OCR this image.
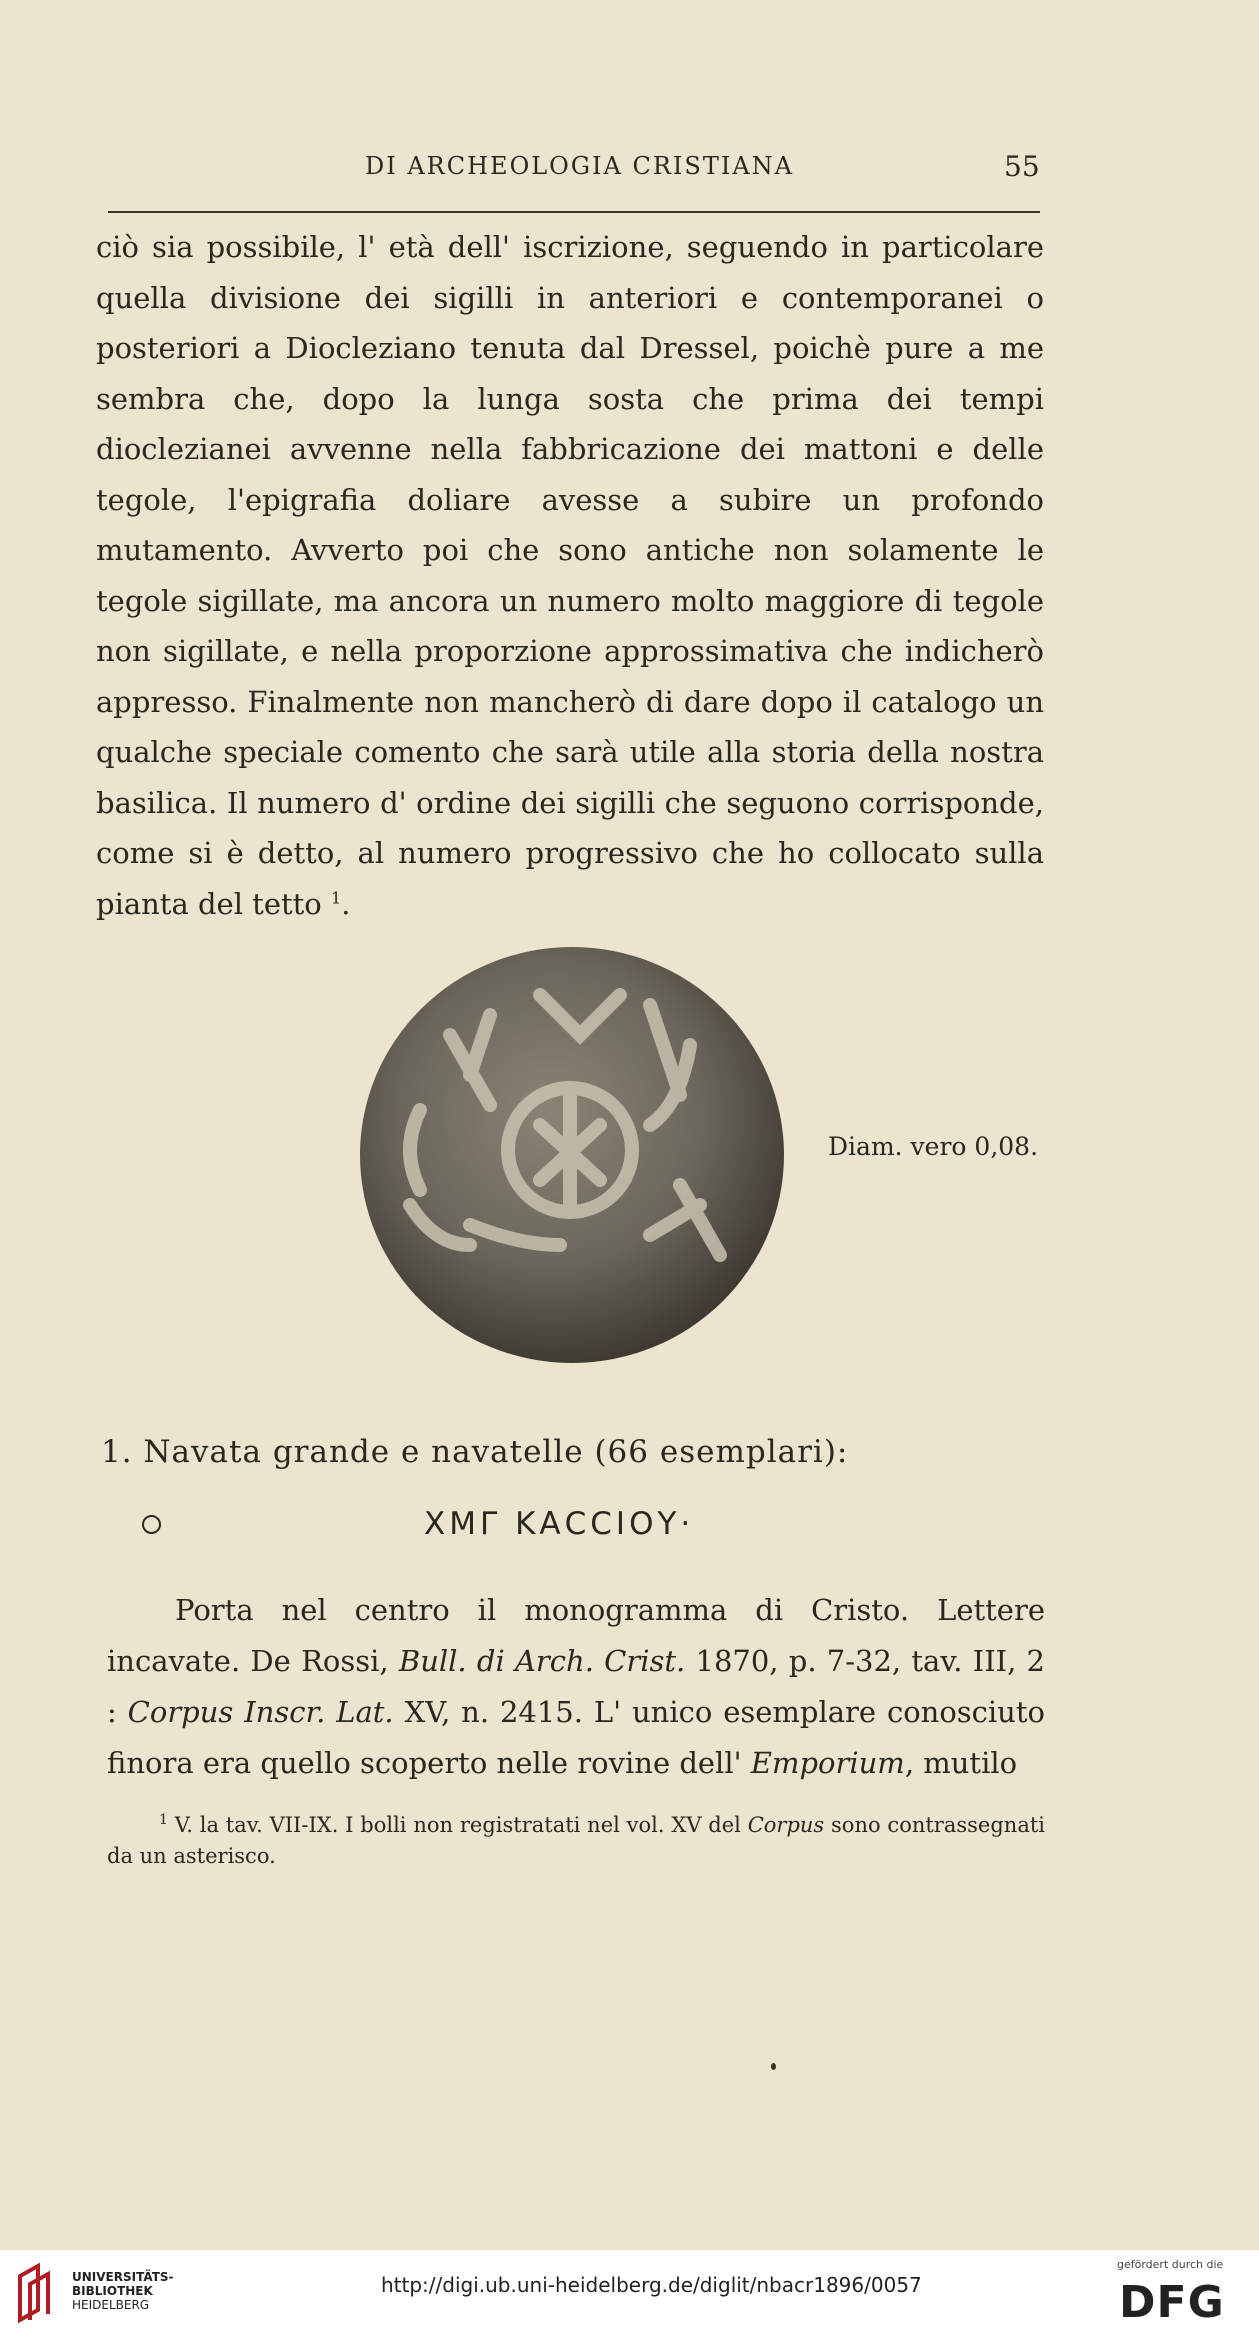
DI ARCHEOLOGIA CRISTIANA	55

ciò sia possibile, l' età dell' iscrizione, seguendo in particolare quella divisione dei sigilli in anteriori e contemporanei o posteriori a Diocleziano tenuta dal Dressel, poichè pure a me sembra che, dopo la lunga sosta che prima dei tempi dioclezianei avvenne nella fabbricazione dei mattoni e delle tegole, l'epigrafia doliare avesse a subire un profondo mutamento. Avverto poi che sono antiche non solamente le tegole sigillate, ma ancora un numero molto maggiore di tegole non sigillate, e nella proporzione approssimativa che indicherò appresso. Finalmente non mancherò di dare dopo il catalogo un qualche speciale comento che sarà utile alla storia della nostra basilica. Il numero d' ordine dei sigilli che seguono corrisponde, come si è detto, al numero progressivo che ho collocato sulla pianta del tetto $^1$.

Diam. vero 0,08.
1. Navata grande e navatelle (66 esemplari):
ΧΜΓ ΚΑCCΙΟΥ·

Porta nel centro il monogramma di Cristo. Lettere incavate. De Rossi, Bull. di Arch. Crist. 1870, p. 7-32, tav. III, 2 : Corpus Inscr. Lat. XV, n. 2415. L' unico esemplare conosciuto finora era quello scoperto nelle rovine dell' Emporium, mutilo

$^1$ V. la tav. VII-IX. I bolli non registratati nel vol. XV del Corpus sono contrassegnati da un asterisco.

UNIVERSITÄTS-
BIBLIOTHEK
HEIDELBERG
http://digi.ub.uni-heidelberg.de/diglit/nbacr1896/0057
gefördert durch die
DFG
